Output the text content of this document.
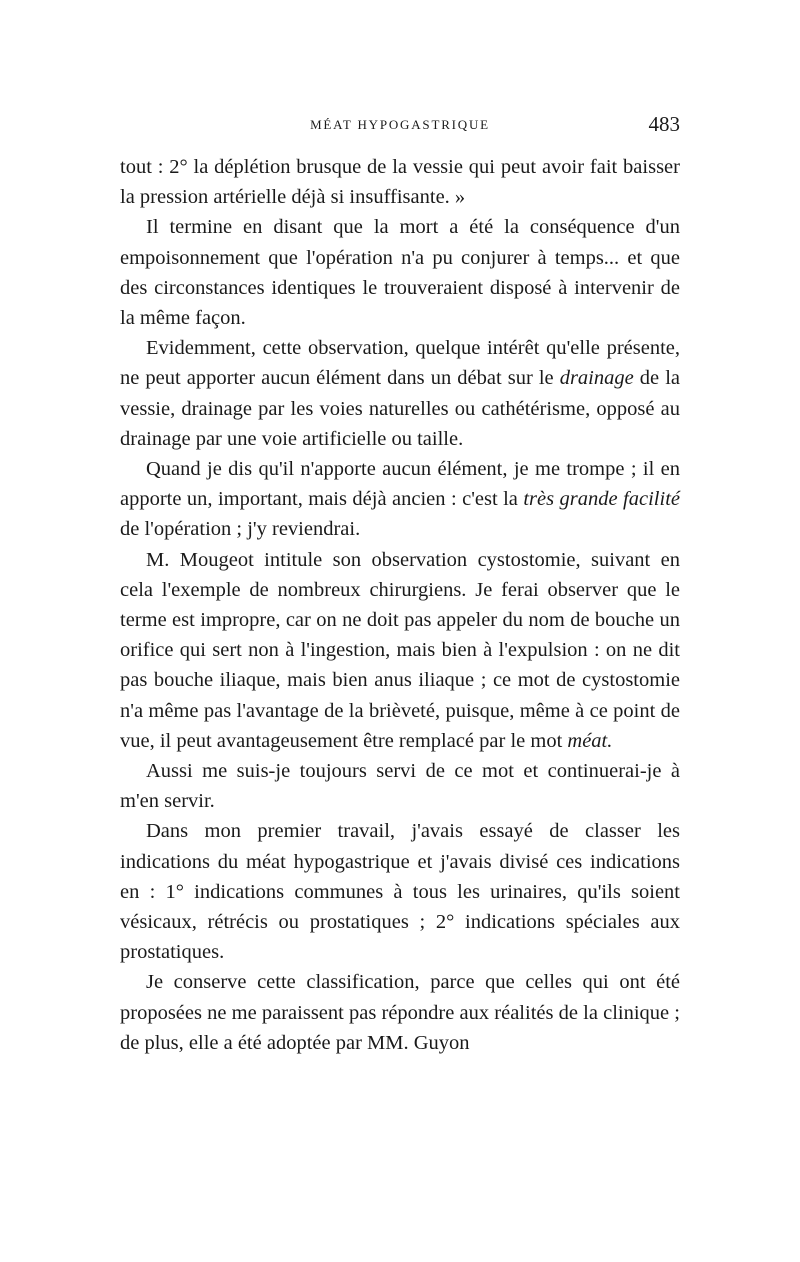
MÉAT HYPOGASTRIQUE	483

tout : 2° la déplétion brusque de la vessie qui peut avoir fait baisser la pression artérielle déjà si insuffisante. »

Il termine en disant que la mort a été la conséquence d'un empoisonnement que l'opération n'a pu conjurer à temps... et que des circonstances identiques le trouveraient disposé à intervenir de la même façon.

Evidemment, cette observation, quelque intérêt qu'elle présente, ne peut apporter aucun élément dans un débat sur le drainage de la vessie, drainage par les voies naturelles ou cathétérisme, opposé au drainage par une voie artificielle ou taille.

Quand je dis qu'il n'apporte aucun élément, je me trompe ; il en apporte un, important, mais déjà ancien : c'est la très grande facilité de l'opération ; j'y reviendrai.

M. Mougeot intitule son observation cystostomie, suivant en cela l'exemple de nombreux chirurgiens. Je ferai observer que le terme est impropre, car on ne doit pas appeler du nom de bouche un orifice qui sert non à l'ingestion, mais bien à l'expulsion : on ne dit pas bouche iliaque, mais bien anus iliaque ; ce mot de cystostomie n'a même pas l'avantage de la brièveté, puisque, même à ce point de vue, il peut avantageusement être remplacé par le mot méat.

Aussi me suis-je toujours servi de ce mot et continuerai-je à m'en servir.

Dans mon premier travail, j'avais essayé de classer les indications du méat hypogastrique et j'avais divisé ces indications en : 1° indications communes à tous les urinaires, qu'ils soient vésicaux, rétrécis ou prostatiques ; 2° indications spéciales aux prostatiques.

Je conserve cette classification, parce que celles qui ont été proposées ne me paraissent pas répondre aux réalités de la clinique ; de plus, elle a été adoptée par MM. Guyon
